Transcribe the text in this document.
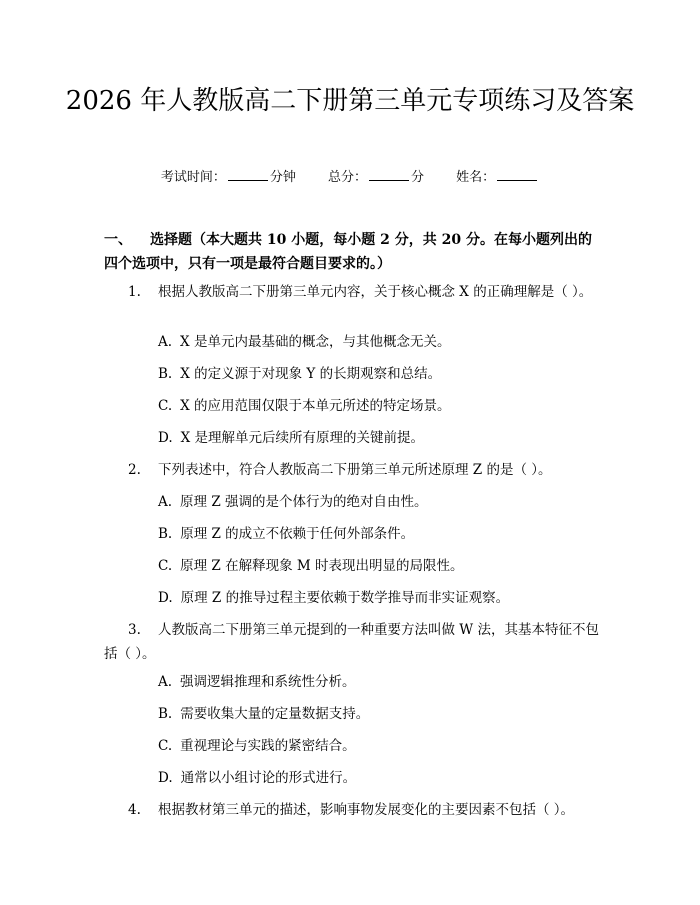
2026 年人教版高二下册第三单元专项练习及答案
考试时间：	分钟 总分：	分 姓名：
一、 选择题（本大题共 10 小题，每小题 2 分，共 20 分。在每小题列出的四个选项中，只有一项是最符合题目要求的。）
1. 根据人教版高二下册第三单元内容，关于核心概念 X 的正确理解是（ ）。
A. X 是单元内最基础的概念，与其他概念无关。
B. X 的定义源于对现象 Y 的长期观察和总结。
C. X 的应用范围仅限于本单元所述的特定场景。
D. X 是理解单元后续所有原理的关键前提。
2. 下列表述中，符合人教版高二下册第三单元所述原理 Z 的是（ ）。
A. 原理 Z 强调的是个体行为的绝对自由性。
B. 原理 Z 的成立不依赖于任何外部条件。
C. 原理 Z 在解释现象 M 时表现出明显的局限性。
D. 原理 Z 的推导过程主要依赖于数学推导而非实证观察。
3. 人教版高二下册第三单元提到的一种重要方法叫做 W 法，其基本特征不包括（ ）。
A. 强调逻辑推理和系统性分析。
B. 需要收集大量的定量数据支持。
C. 重视理论与实践的紧密结合。
D. 通常以小组讨论的形式进行。
4. 根据教材第三单元的描述，影响事物发展变化的主要因素不包括（ ）。
